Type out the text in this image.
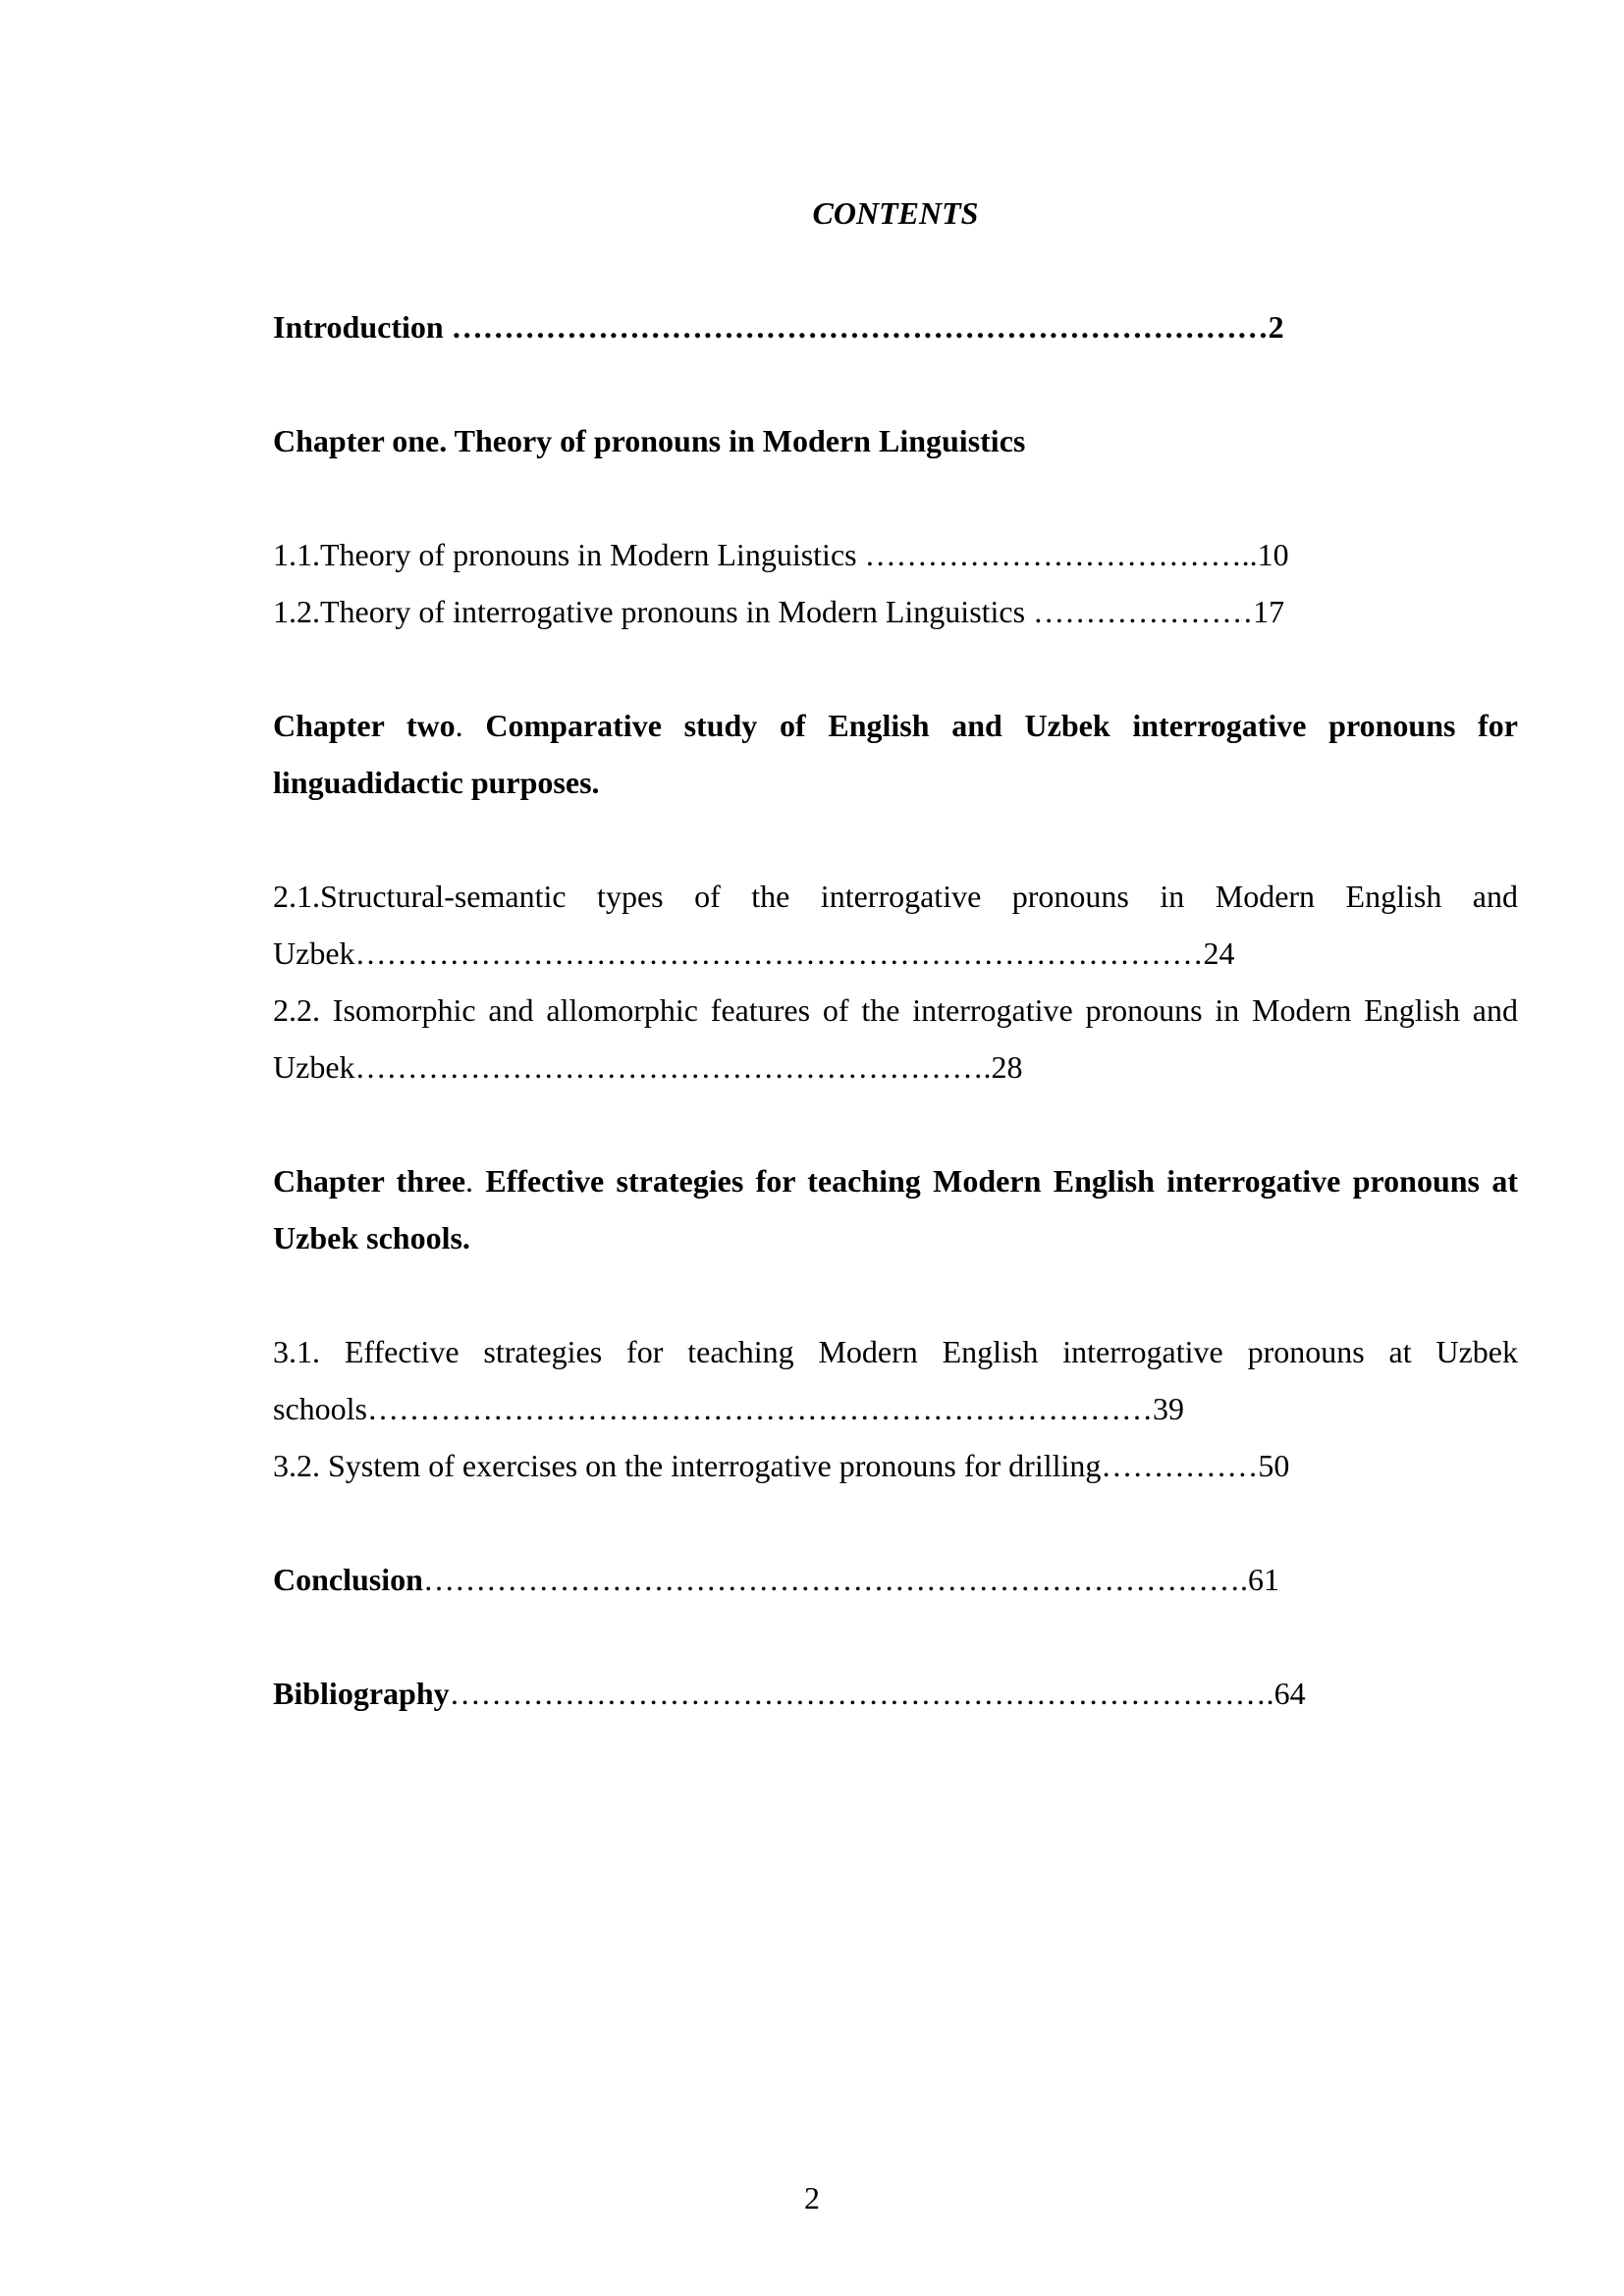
CONTENTS

Introduction ……………………………………………………………………2

Chapter one. Theory of pronouns in Modern Linguistics

1.1.Theory of pronouns in Modern Linguistics ………………………………..10

1.2.Theory of interrogative pronouns in Modern Linguistics …………………17

Chapter two. Comparative study of English and Uzbek interrogative pronouns for linguadidactic purposes.

2.1.Structural-semantic types of the interrogative pronouns in Modern English and Uzbek………………………………………………………………………24

2.2. Isomorphic and allomorphic features of the interrogative pronouns in Modern English and Uzbek…………………………………………………….28

Chapter three. Effective strategies for teaching Modern English interrogative pronouns at Uzbek schools.

3.1. Effective strategies for teaching Modern English interrogative pronouns at Uzbek schools…………………………………………………………………39

3.2. System of exercises on the interrogative pronouns for drilling……………50

Conclusion…………………………………………………………………….61

Bibliography…………………………………………………………………….64

2
